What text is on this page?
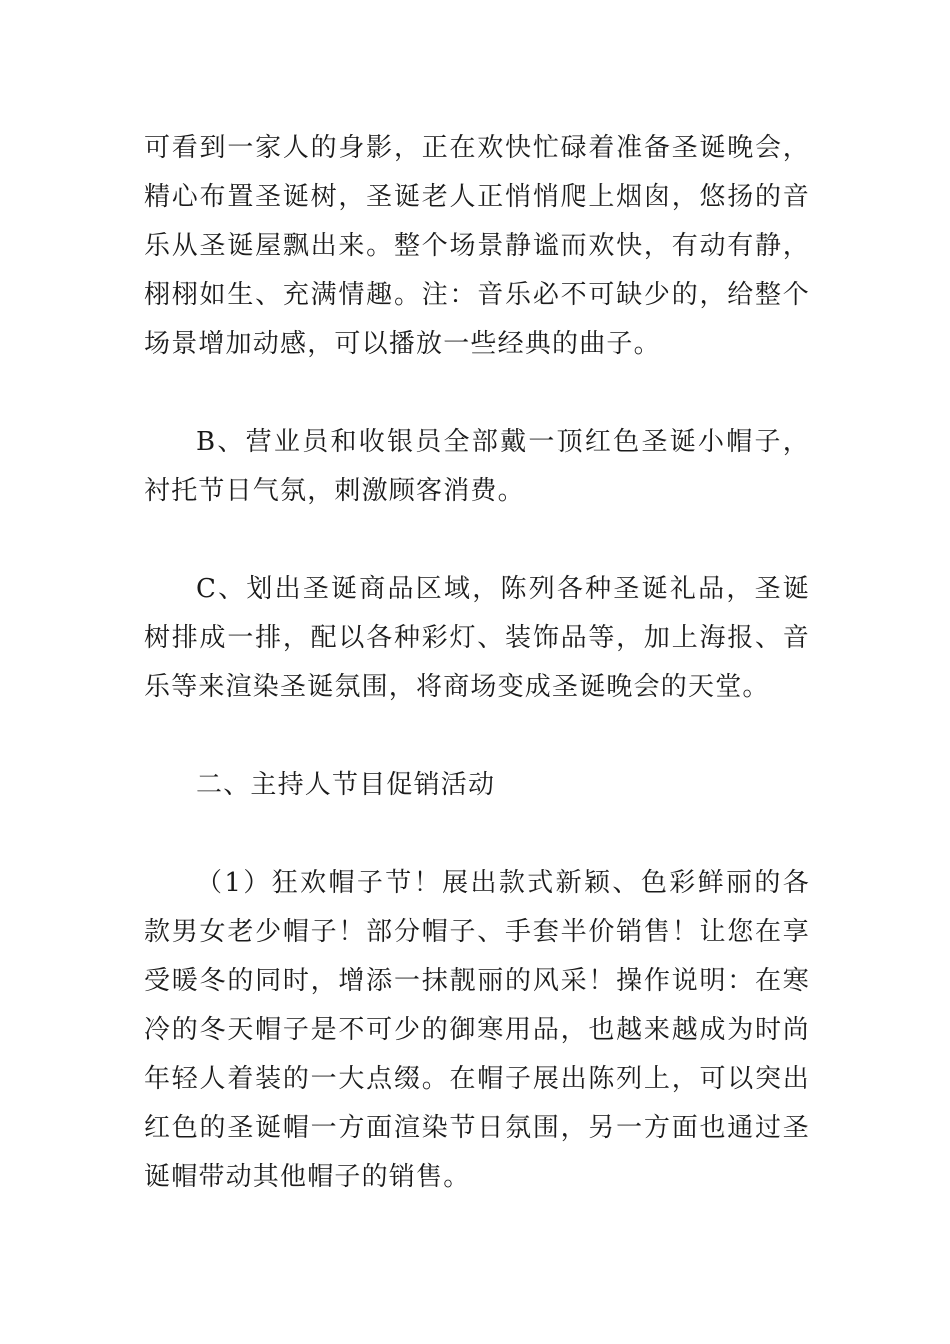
可看到一家人的身影，正在欢快忙碌着准备圣诞晚会，精心布置圣诞树，圣诞老人正悄悄爬上烟囱，悠扬的音乐从圣诞屋飘出来。整个场景静谧而欢快，有动有静，栩栩如生、充满情趣。注：音乐必不可缺少的，给整个场景增加动感，可以播放一些经典的曲子。

B、营业员和收银员全部戴一顶红色圣诞小帽子，衬托节日气氛，刺激顾客消费。

C、划出圣诞商品区域，陈列各种圣诞礼品，圣诞树排成一排，配以各种彩灯、装饰品等，加上海报、音乐等来渲染圣诞氛围，将商场变成圣诞晚会的天堂。

二、主持人节目促销活动

（1）狂欢帽子节！展出款式新颖、色彩鲜丽的各款男女老少帽子！部分帽子、手套半价销售！让您在享受暖冬的同时，增添一抹靓丽的风采！操作说明：在寒冷的冬天帽子是不可少的御寒用品，也越来越成为时尚年轻人着装的一大点缀。在帽子展出陈列上，可以突出红色的圣诞帽一方面渲染节日氛围，另一方面也通过圣诞帽带动其他帽子的销售。
